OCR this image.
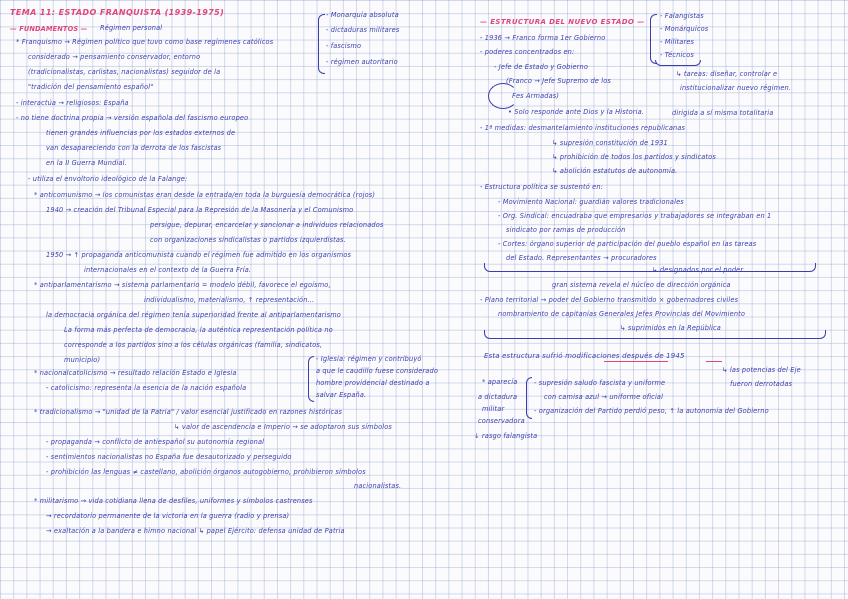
TEMA 11: ESTADO FRANQUISTA (1939-1975)
— FUNDAMENTOS — Régimen personal
- Monarquía absoluta
- dictaduras militares
- fascismo
- régimen autoritario
* Franquismo → Régimen político que tuvo como base regímenes católicos
considerado → pensamiento conservador, entorno
(tradicionalistas, carlistas, nacionalistas) seguidor de la
"tradición del pensamiento español"
- interactúa → religiosos: España
- no tiene doctrina propia → versión española del fascismo europeo
tienen grandes influencias por los estados externos de
van desapareciendo con la derrota de los fascistas
en la II Guerra Mundial.
- utiliza el envoltorio ideológico de la Falange:
* anticomunismo → los comunistas eran desde la entrada/en toda la burguesía democrática (rojos)
1940 → creación del Tribunal Especial para la Represión de la Masonería y el Comunismo
persigue, depurar, encarcelar y sancionar a individuos relacionados
con organizaciones sindicalistas o partidos izquierdistas.
1950 → ↑ propaganda anticomunista cuando el régimen fue admitido en los organismos
internacionales en el contexto de la Guerra Fría.
* antiparlamentarismo → sistema parlamentario = modelo débil, favorece el egoísmo,
individualismo, materialismo, ↑ representación...
la democracia orgánica del régimen tenía superioridad frente al antiparlamentarismo
La forma más perfecta de democracia, la auténtica representación política no
corresponde a los partidos sino a los células orgánicas (familia, sindicatos,
municipio)
* nacionalcatolicismo → resultado relación Estado e Iglesia
- catolicismo: representa la esencia de la nación española
* tradicionalismo → "unidad de la Patria" / valor esencial justificado en razones históricas
↳ valor de ascendencia e Imperio → se adoptaron sus símbolos
- propaganda → conflicto de antiespañol su autonomía regional
- sentimientos nacionalistas no España fue desautorizado y perseguido
- prohibición las lenguas ≠ castellano, abolición órganos autogobierno, prohibieron símbolos
nacionalistas.
* militarismo → vida cotidiana llena de desfiles, uniformes y símbolos castrenses
→ recordatorio permanente de la victoria en la guerra (radio y prensa)
→ exaltación a la bandera e himno nacional ↳ papel Ejército: defensa unidad de Patria
- Iglesia: régimen y contribuyó
a que le caudillo fuese considerado
hombre providencial destinado a
salvar España.
— ESTRUCTURA DEL NUEVO ESTADO —
- Falangistas
- Monárquicos
- Militares
- Técnicos
- 1936 → Franco forma 1er Gobierno
- poderes concentrados en:
- Jefe de Estado y Gobierno
(Franco → Jefe Supremo de los
Fes Armadas)
• Solo responde ante Dios y la Historia.
↳ tareas: diseñar, controlar e
institucionalizar nuevo régimen.
dirigida a sí misma totalitaria
- 1ª medidas: desmantelamiento instituciones republicanas
↳ supresión constitución de 1931
↳ prohibición de todos los partidos y sindicatos
↳ abolición estatutos de autonomía.
- Estructura política se sustentó en:
- Movimiento Nacional: guardián valores tradicionales
- Org. Sindical: encuadraba que empresarios y trabajadores se integraban en 1
sindicato por ramas de producción
- Cortes: órgano superior de participación del pueblo español en las tareas
del Estado. Representantes → procuradores
↳ designados por el poder.
gran sistema revela el núcleo de dirección orgánica
- Plano territorial → poder del Gobierno transmitido × gobernadores civiles
nombramiento de capitanías Generales Jefes Provincias del Movimiento
↳ suprimidos en la República
Esta estructura sufrió modificaciones después de 1945
↳ las potencias del Eje
fueron derrotadas
* aparecía
a dictadura
militar
conservadora
- supresión saludo fascista y uniforme
con camisa azul → uniforme oficial
- organización del Partido perdió peso, ↑ la autonomía del Gobierno
↓ rasgo falangista
